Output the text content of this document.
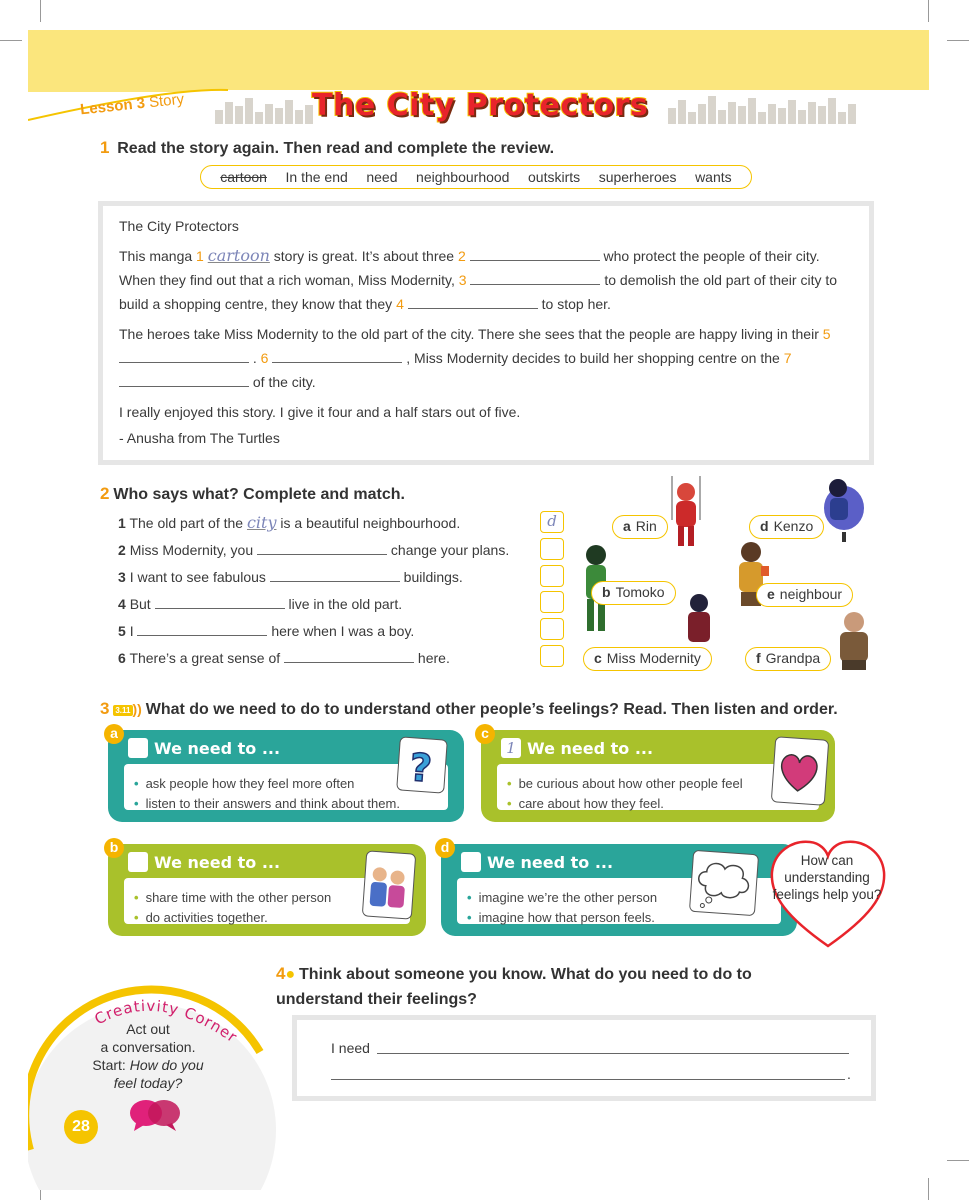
Lesson 3 Story	The City Protectors
1 Read the story again. Then read and complete the review.
cartoon In the end need neighbourhood outskirts superheroes wants

The City Protectors

This manga 1 cartoon story is great. It’s about three 2	who protect the people of their city. When they find out that a rich woman, Miss Modernity, 3	to demolish the old part of their city to build a shopping centre, they know that they 4	to stop her.

The heroes take Miss Modernity to the old part of the city. There she sees that the people are happy living in their 5  . 6	, Miss Modernity decides to build her shopping centre on the 7  of the city.

I really enjoyed this story. I give it four and a half stars out of five.

- Anusha from The Turtles

2 Who says what? Complete and match.
1 The old part of the city is a beautiful neighbourhood.
2 Miss Modernity, you	change your plans.
3 I want to see fabulous	buildings.
4 But	live in the old part.
5 I	here when I was a boy.
6 There’s a great sense of	here.
d	a Rin	d Kenzo
b Tomoko	e neighbour
c Miss Modernity	f Grandpa
3 3.11 )) What do we need to do to understand other people’s feelings? Read. Then listen and order.
We need to ...
• ask people how they feel more often
• listen to their answers and think about them.
?
a
1 We need to ...
• be curious about how other people feel
• care about how they feel.
c
We need to ...
• share time with the other person
• do activities together.
b
We need to ...
• imagine we’re the other person
• imagine how that person feels.
d
How can understanding feelings help you?
Creativity Corner
Act out
a conversation.
Start: How do you feel today?
28
4● Think about someone you know. What do you need to do to understand their feelings?
I need
.
